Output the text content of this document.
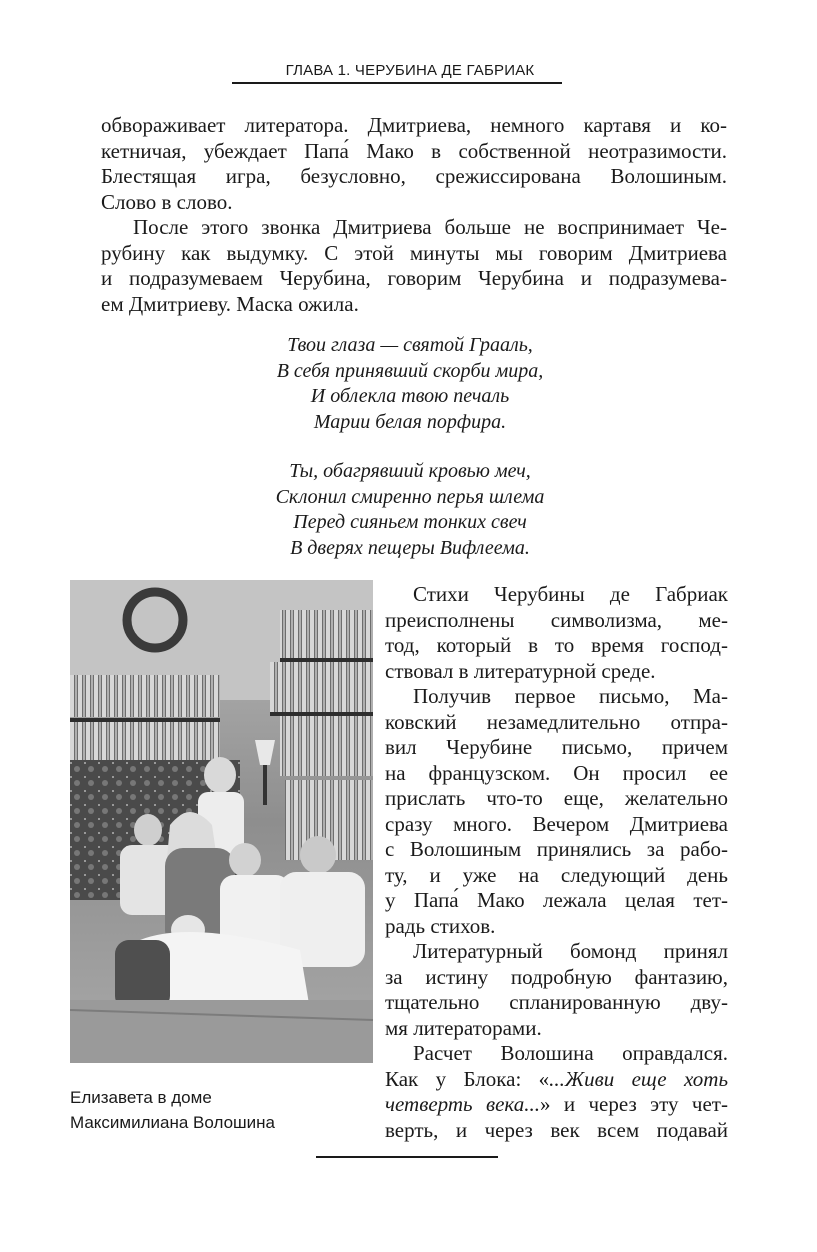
ГЛАВА 1. ЧЕРУБИНА ДЕ ГАБРИАК

обвораживает литератора. Дмитриева, немного картавя и ко-
кетничая, убеждает Папа́ Мако в собственной неотразимости.
Блестящая игра, безусловно, срежиссирована Волошиным.
Слово в слово.

После этого звонка Дмитриева больше не воспринимает Че-
рубину как выдумку. С этой минуты мы говорим Дмитриева
и подразумеваем Черубина, говорим Черубина и подразумева-
ем Дмитриеву. Маска ожила.

Твои глаза — святой Грааль,
В себя принявший скорби мира,
И облекла твою печаль
Марии белая порфира.
Ты, обагрявший кровью меч,
Склонил смиренно перья шлема
Перед сияньем тонких свеч
В дверях пещеры Вифлеема.
Елизавета в доме
Максимилиана Волошина

Стихи Черубины де Габриак
преисполнены символизма, ме-
тод, который в то время господ-
ствовал в литературной среде.

Получив первое письмо, Ма-
ковский незамедлительно отпра-
вил Черубине письмо, причем
на французском. Он просил ее
прислать что-то еще, желательно
сразу много. Вечером Дмитриева
с Волошиным принялись за рабо-
ту, и уже на следующий день
у Папа́ Мако лежала целая тет-
радь стихов.

Литературный бомонд принял
за истину подробную фантазию,
тщательно спланированную дву-
мя литераторами.

Расчет Волошина оправдался.
Как у Блока: «...Живи еще хоть
четверть века...» и через эту чет-
верть, и через век всем подавай
